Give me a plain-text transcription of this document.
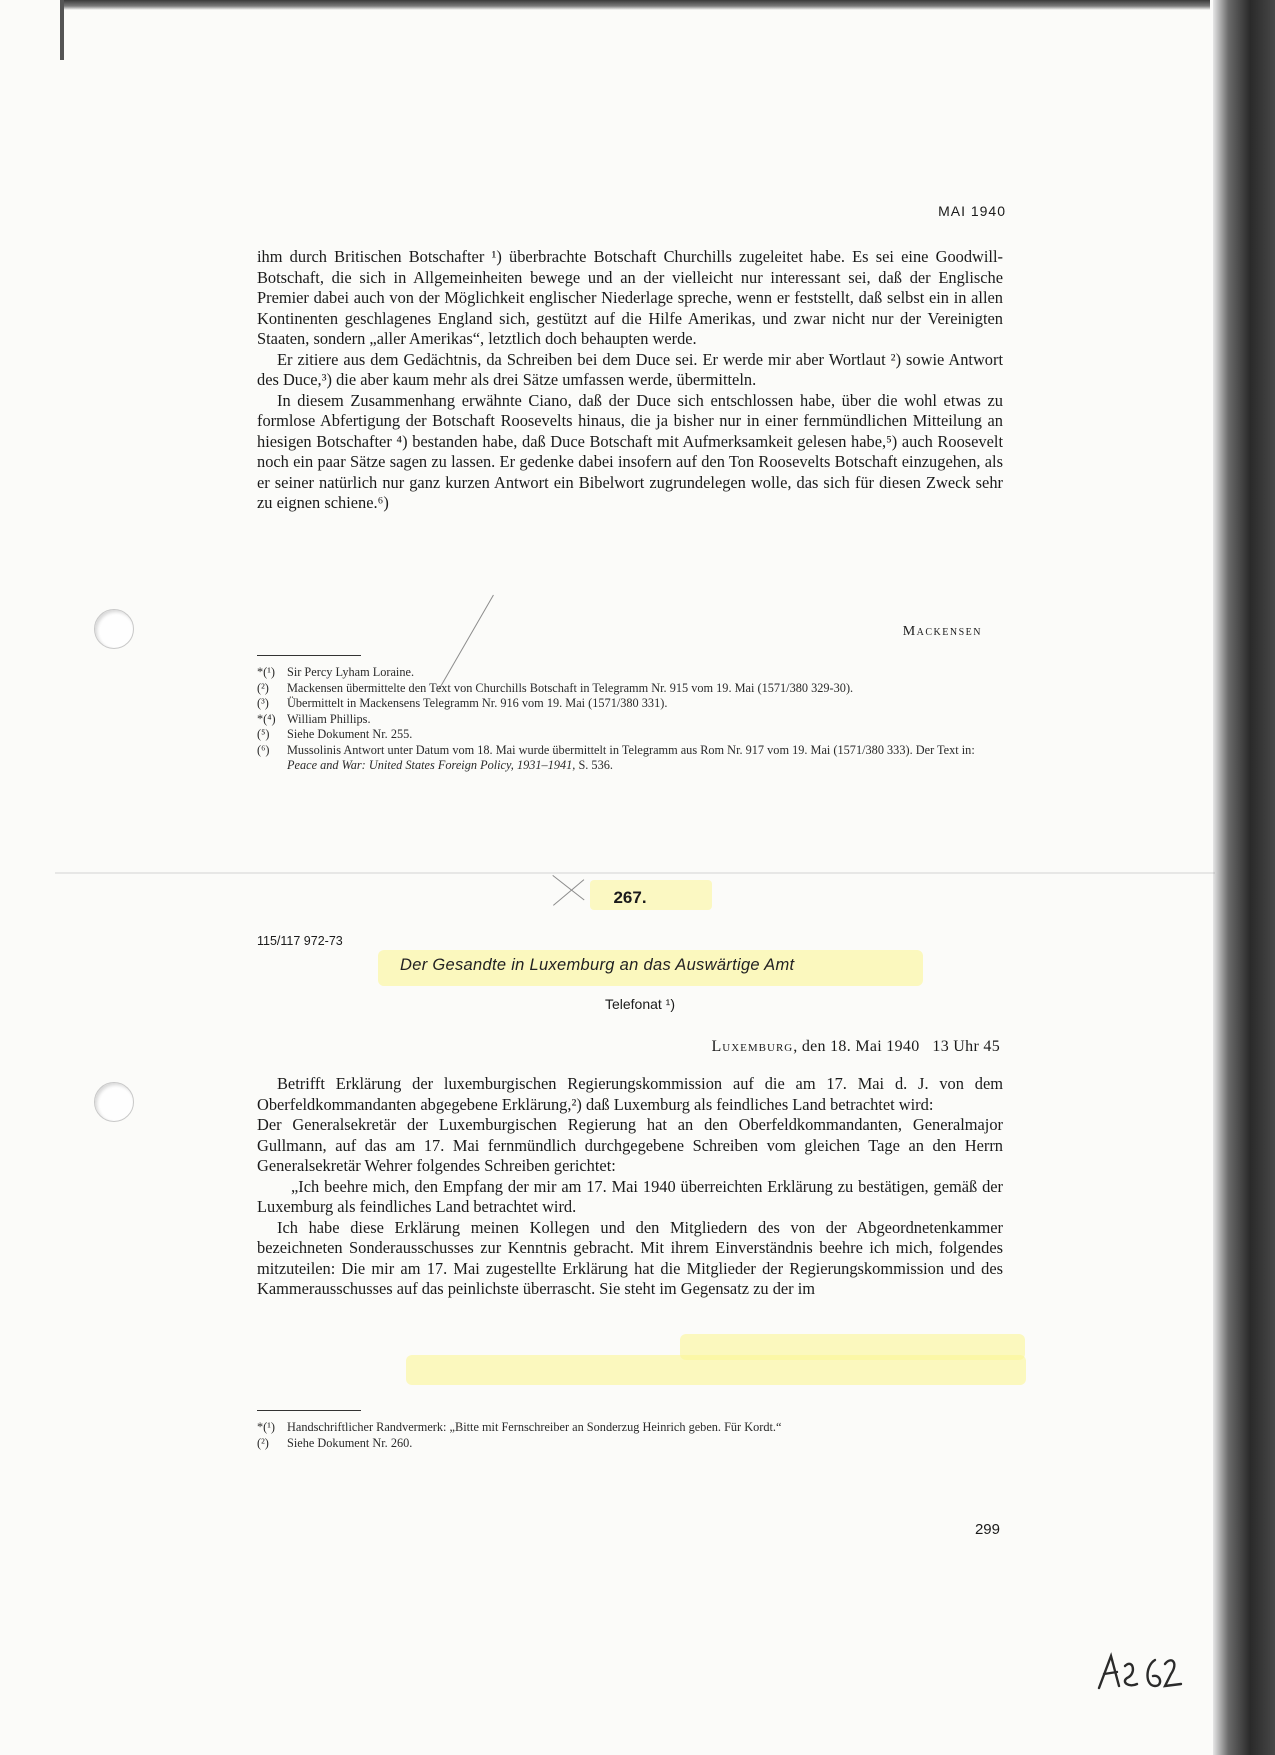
MAI 1940

ihm durch Britischen Botschafter ¹) überbrachte Botschaft Churchills zugeleitet habe. Es sei eine Goodwill-Botschaft, die sich in Allgemeinheiten bewege und an der vielleicht nur interessant sei, daß der Englische Premier dabei auch von der Möglichkeit englischer Niederlage spreche, wenn er feststellt, daß selbst ein in allen Kontinenten geschlagenes England sich, gestützt auf die Hilfe Amerikas, und zwar nicht nur der Vereinigten Staaten, sondern „aller Amerikas“, letztlich doch behaupten werde.

Er zitiere aus dem Gedächtnis, da Schreiben bei dem Duce sei. Er werde mir aber Wortlaut ²) sowie Antwort des Duce,³) die aber kaum mehr als drei Sätze umfassen werde, übermitteln.

In diesem Zusammenhang erwähnte Ciano, daß der Duce sich entschlossen habe, über die wohl etwas zu formlose Abfertigung der Botschaft Roosevelts hinaus, die ja bisher nur in einer fernmündlichen Mitteilung an hiesigen Botschafter ⁴) bestanden habe, daß Duce Botschaft mit Aufmerksamkeit gelesen habe,⁵) auch Roosevelt noch ein paar Sätze sagen zu lassen. Er gedenke dabei insofern auf den Ton Roosevelts Botschaft einzugehen, als er seiner natürlich nur ganz kurzen Antwort ein Bibelwort zugrundelegen wolle, das sich für diesen Zweck sehr zu eignen schiene.⁶)

Mackensen
*(¹) Sir Percy Lyham Loraine.
(²)	Mackensen übermittelte den Text von Churchills Botschaft in Telegramm Nr. 915 vom 19. Mai (1571/380 329-30).
(³)	Übermittelt in Mackensens Telegramm Nr. 916 vom 19. Mai (1571/380 331).
*(⁴) William Phillips.
(⁵)	Siehe Dokument Nr. 255.
(⁶)	Mussolinis Antwort unter Datum vom 18. Mai wurde übermittelt in Telegramm aus Rom Nr. 917 vom 19. Mai (1571/380 333). Der Text in: Peace and War: United States Foreign Policy, 1931–1941, S. 536.
267.
115/117 972-73
Der Gesandte in Luxemburg an das Auswärtige Amt
Telefonat ¹)
Luxemburg, den 18. Mai 1940   13 Uhr 45

Betrifft Erklärung der luxemburgischen Regierungskommission auf die am 17. Mai d. J. von dem Oberfeldkommandanten abgegebene Erklärung,²) daß Luxemburg als feindliches Land betrachtet wird:

Der Generalsekretär der Luxemburgischen Regierung hat an den Oberfeldkommandanten, Generalmajor Gullmann, auf das am 17. Mai fernmündlich durchgegebene Schreiben vom gleichen Tage an den Herrn Generalsekretär Wehrer folgendes Schreiben gerichtet:

„Ich beehre mich, den Empfang der mir am 17. Mai 1940 überreichten Erklärung zu bestätigen, gemäß der Luxemburg als feindliches Land betrachtet wird.

Ich habe diese Erklärung meinen Kollegen und den Mitgliedern des von der Abgeordnetenkammer bezeichneten Sonderausschusses zur Kenntnis gebracht. Mit ihrem Einverständnis beehre ich mich, folgendes mitzuteilen: Die mir am 17. Mai zugestellte Erklärung hat die Mitglieder der Regierungskommission und des Kammerausschusses auf das peinlichste überrascht. Sie steht im Gegensatz zu der im

*(¹) Handschriftlicher Randvermerk: „Bitte mit Fernschreiber an Sonderzug Heinrich geben. Für Kordt.“
(²)	Siehe Dokument Nr. 260.
299
